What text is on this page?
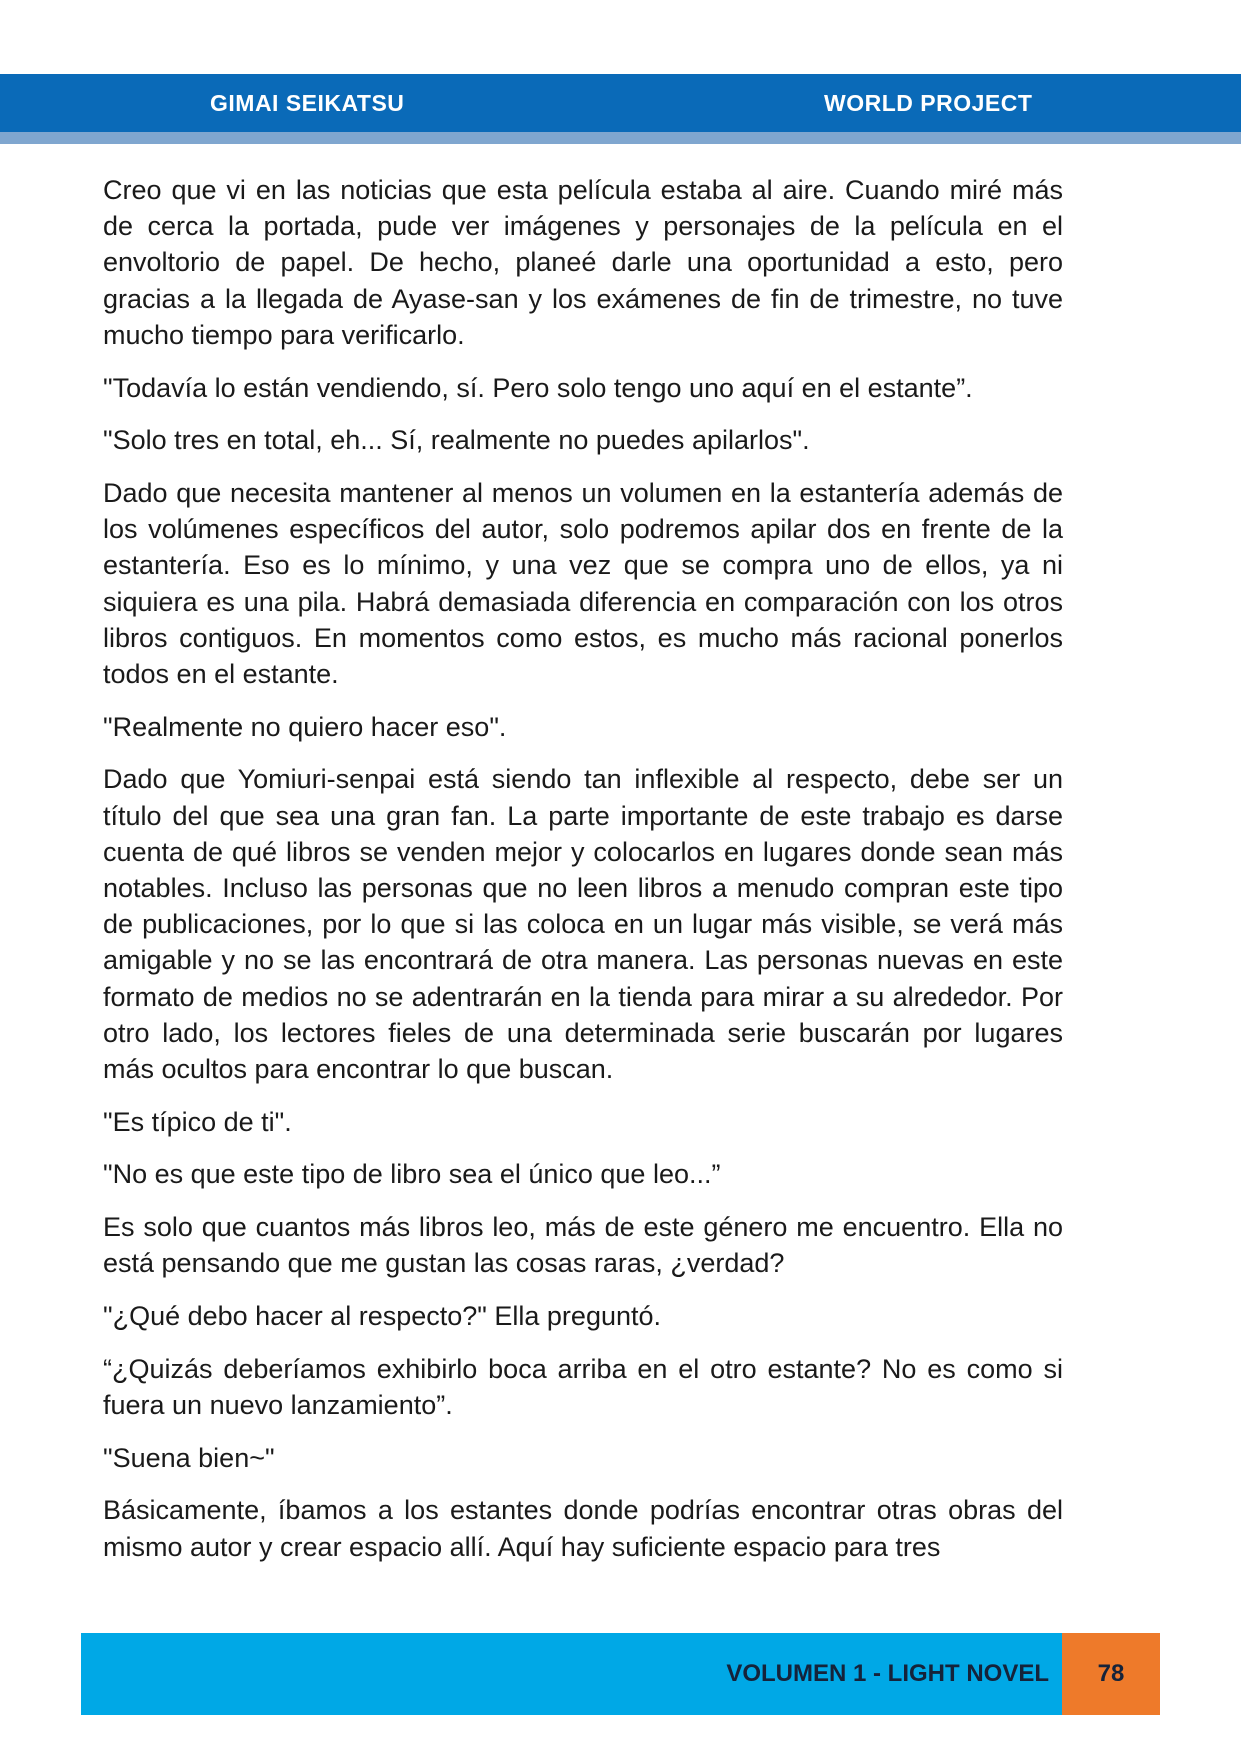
GIMAI SEIKATSU	WORLD PROJECT

Creo que vi en las noticias que esta película estaba al aire. Cuando miré más de cerca la portada, pude ver imágenes y personajes de la película en el envoltorio de papel. De hecho, planeé darle una oportunidad a esto, pero gracias a la llegada de Ayase-san y los exámenes de fin de trimestre, no tuve mucho tiempo para verificarlo.

"Todavía lo están vendiendo, sí. Pero solo tengo uno aquí en el estante”.

"Solo tres en total, eh... Sí, realmente no puedes apilarlos".

Dado que necesita mantener al menos un volumen en la estantería además de los volúmenes específicos del autor, solo podremos apilar dos en frente de la estantería. Eso es lo mínimo, y una vez que se compra uno de ellos, ya ni siquiera es una pila. Habrá demasiada diferencia en comparación con los otros libros contiguos. En momentos como estos, es mucho más racional ponerlos todos en el estante.

"Realmente no quiero hacer eso".

Dado que Yomiuri-senpai está siendo tan inflexible al respecto, debe ser un título del que sea una gran fan. La parte importante de este trabajo es darse cuenta de qué libros se venden mejor y colocarlos en lugares donde sean más notables. Incluso las personas que no leen libros a menudo compran este tipo de publicaciones, por lo que si las coloca en un lugar más visible, se verá más amigable y no se las encontrará de otra manera. Las personas nuevas en este formato de medios no se adentrarán en la tienda para mirar a su alrededor. Por otro lado, los lectores fieles de una determinada serie buscarán por lugares más ocultos para encontrar lo que buscan.

"Es típico de ti".

"No es que este tipo de libro sea el único que leo...”

Es solo que cuantos más libros leo, más de este género me encuentro. Ella no está pensando que me gustan las cosas raras, ¿verdad?

"¿Qué debo hacer al respecto?" Ella preguntó.

“¿Quizás deberíamos exhibirlo boca arriba en el otro estante? No es como si fuera un nuevo lanzamiento”.

"Suena bien~"

Básicamente, íbamos a los estantes donde podrías encontrar otras obras del mismo autor y crear espacio allí. Aquí hay suficiente espacio para tres

VOLUMEN 1 - LIGHT NOVEL	78
